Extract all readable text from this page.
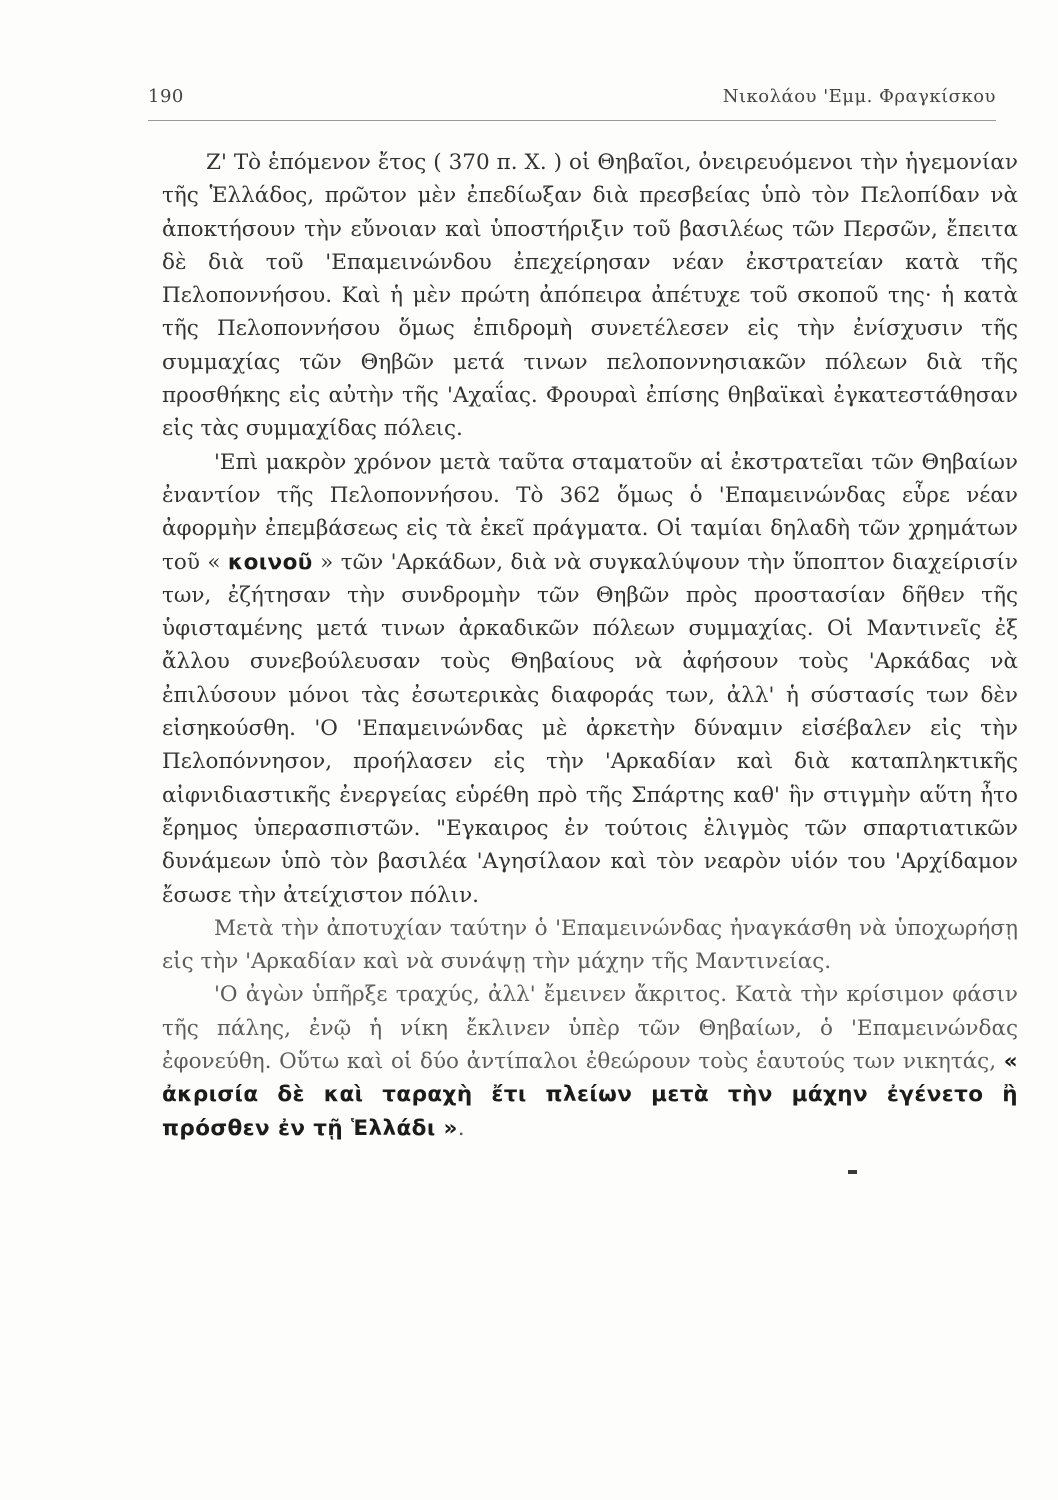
190	Νικολάου 'Εμμ. Φραγκίσκου

Ζ' Τὸ ἑπόμενον ἔτος ( 370 π. Χ. ) οἱ Θηβαῖοι, ὀνειρευόμενοι τὴν ἡγεμονίαν τῆς Ἑλλάδος, πρῶτον μὲν ἐπεδίωξαν διὰ πρεσβείας ὑπὸ τὸν Πελοπίδαν νὰ ἀποκτήσουν τὴν εὔνοιαν καὶ ὑποστήριξιν τοῦ βασιλέως τῶν Περσῶν, ἔπειτα δὲ διὰ τοῦ 'Επαμεινώνδου ἐπεχείρησαν νέαν ἐκστρατείαν κατὰ τῆς Πελοποννήσου. Καὶ ἡ μὲν πρώτη ἀπόπειρα ἀπέτυχε τοῦ σκοποῦ της· ἡ κατὰ τῆς Πελοποννήσου ὅμως ἐπιδρομὴ συνετέλεσεν εἰς τὴν ἐνίσχυσιν τῆς συμμαχίας τῶν Θηβῶν μετά τινων πελοποννησιακῶν πόλεων διὰ τῆς προσθήκης εἰς αὐτὴν τῆς 'Αχαΐας. Φρουραὶ ἐπίσης θηβαϊκαὶ ἐγκατεστάθησαν εἰς τὰς συμμαχίδας πόλεις.

'Επὶ μακρὸν χρόνον μετὰ ταῦτα σταματοῦν αἱ ἐκστρατεῖαι τῶν Θηβαίων ἐναντίον τῆς Πελοποννήσου. Τὸ 362 ὅμως ὁ 'Επαμεινώνδας εὗρε νέαν ἀφορμὴν ἐπεμβάσεως εἰς τὰ ἐκεῖ πράγματα. Οἱ ταμίαι δηλαδὴ τῶν χρημάτων τοῦ « κοινοῦ » τῶν 'Αρκάδων, διὰ νὰ συγκαλύψουν τὴν ὕποπτον διαχείρισίν των, ἐζήτησαν τὴν συνδρομὴν τῶν Θηβῶν πρὸς προστασίαν δῆθεν τῆς ὑφισταμένης μετά τινων ἀρκαδικῶν πόλεων συμμαχίας. Οἱ Μαντινεῖς ἐξ ἄλλου συνεβούλευσαν τοὺς Θηβαίους νὰ ἀφήσουν τοὺς 'Αρκάδας νὰ ἐπιλύσουν μόνοι τὰς ἐσωτερικὰς διαφοράς των, ἀλλ' ἡ σύστασίς των δὲν εἰσηκούσθη. 'Ο 'Επαμεινώνδας μὲ ἀρκετὴν δύναμιν εἰσέβαλεν εἰς τὴν Πελοπόννησον, προήλασεν εἰς τὴν 'Αρκαδίαν καὶ διὰ καταπληκτικῆς αἰφνιδιαστικῆς ἐνεργείας εὑρέθη πρὸ τῆς Σπάρτης καθ' ἣν στιγμὴν αὕτη ἦτο ἔρημος ὑπερασπιστῶν. "Εγκαιρος ἐν τούτοις ἐλιγμὸς τῶν σπαρτιατικῶν δυνάμεων ὑπὸ τὸν βασιλέα 'Αγησίλαον καὶ τὸν νεαρὸν υἱόν του 'Αρχίδαμον ἔσωσε τὴν ἀτείχιστον πόλιν.

Μετὰ τὴν ἀποτυχίαν ταύτην ὁ 'Επαμεινώνδας ἠναγκάσθη νὰ ὑποχωρήσῃ εἰς τὴν 'Αρκαδίαν καὶ νὰ συνάψῃ τὴν μάχην τῆς Μαντινείας.

'Ο ἀγὼν ὑπῆρξε τραχύς, ἀλλ' ἔμεινεν ἄκριτος. Κατὰ τὴν κρίσιμον φάσιν τῆς πάλης, ἐνῷ ἡ νίκη ἔκλινεν ὑπὲρ τῶν Θηβαίων, ὁ 'Επαμεινώνδας ἐφονεύθη. Οὕτω καὶ οἱ δύο ἀντίπαλοι ἐθεώρουν τοὺς ἑαυτούς των νικητάς, « ἀκρισία δὲ καὶ ταραχὴ ἔτι πλείων μετὰ τὴν μάχην ἐγένετο ἢ πρόσθεν ἐν τῇ Ἑλλάδι ».
